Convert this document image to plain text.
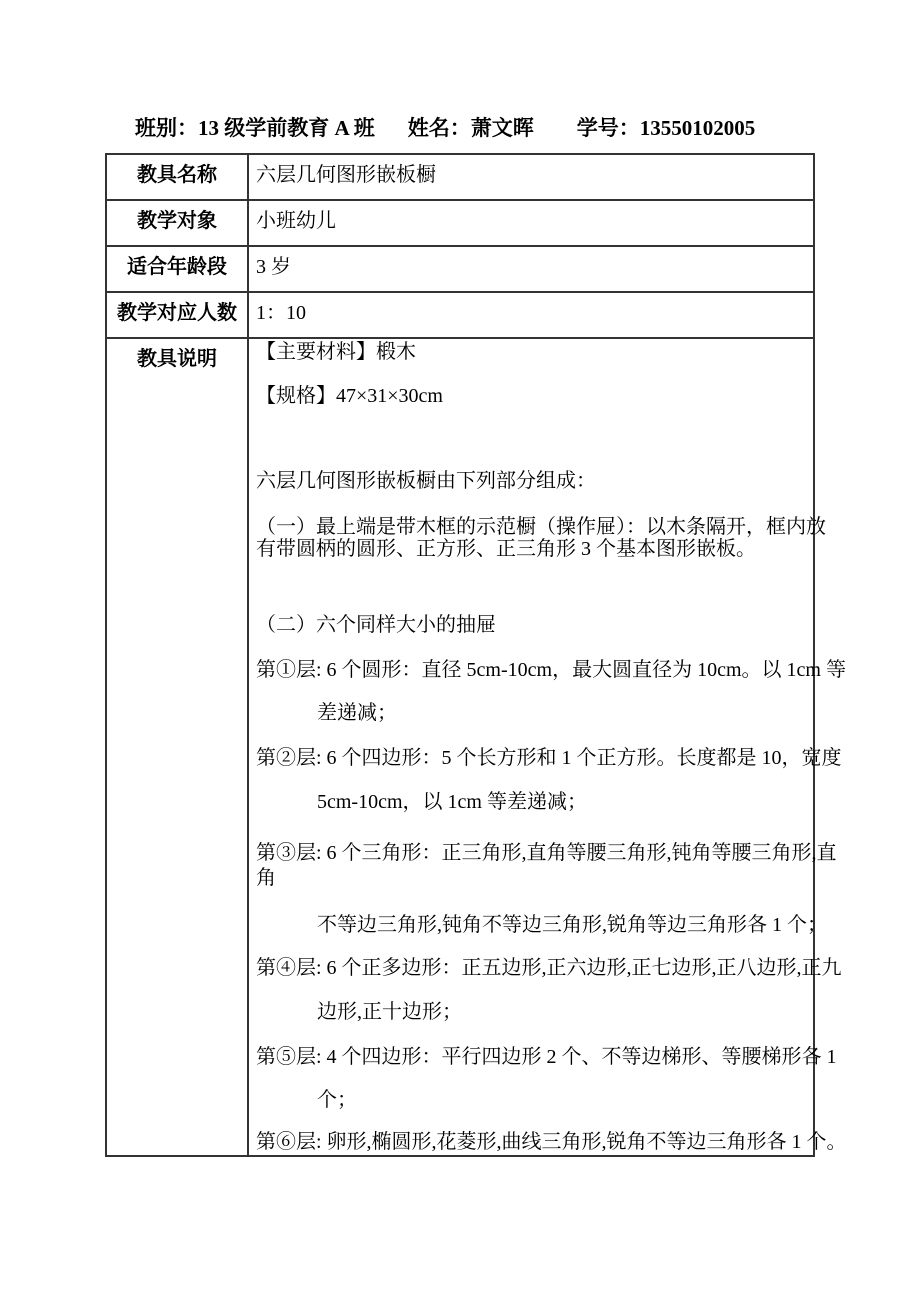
班别：13 级学前教育 A 班 姓名：萧文晖 学号：13550102005
教具名称	六层几何图形嵌板橱
教学对象	小班幼儿
适合年龄段	3 岁
教学对应人数	1：10
教具说明	【主要材料】椴木
【规格】47×31×30cm
六层几何图形嵌板橱由下列部分组成：
（一）最上端是带木框的示范橱（操作屉）：以木条隔开，框内放
有带圆柄的圆形、正方形、正三角形 3 个基本图形嵌板。
（二）六个同样大小的抽屉
第①层: 6 个圆形：直径 5cm-10cm，最大圆直径为 10cm。以 1cm 等
差递减；
第②层: 6 个四边形：5 个长方形和 1 个正方形。长度都是 10，宽度
5cm-10cm，以 1cm 等差递减；
第③层: 6 个三角形：正三角形,直角等腰三角形,钝角等腰三角形,直
角
不等边三角形,钝角不等边三角形,锐角等边三角形各 1 个；
第④层: 6 个正多边形：正五边形,正六边形,正七边形,正八边形,正九
边形,正十边形；
第⑤层: 4 个四边形：平行四边形 2 个、不等边梯形、等腰梯形各 1
个；
第⑥层: 卵形,椭圆形,花菱形,曲线三角形,锐角不等边三角形各 1 个。
